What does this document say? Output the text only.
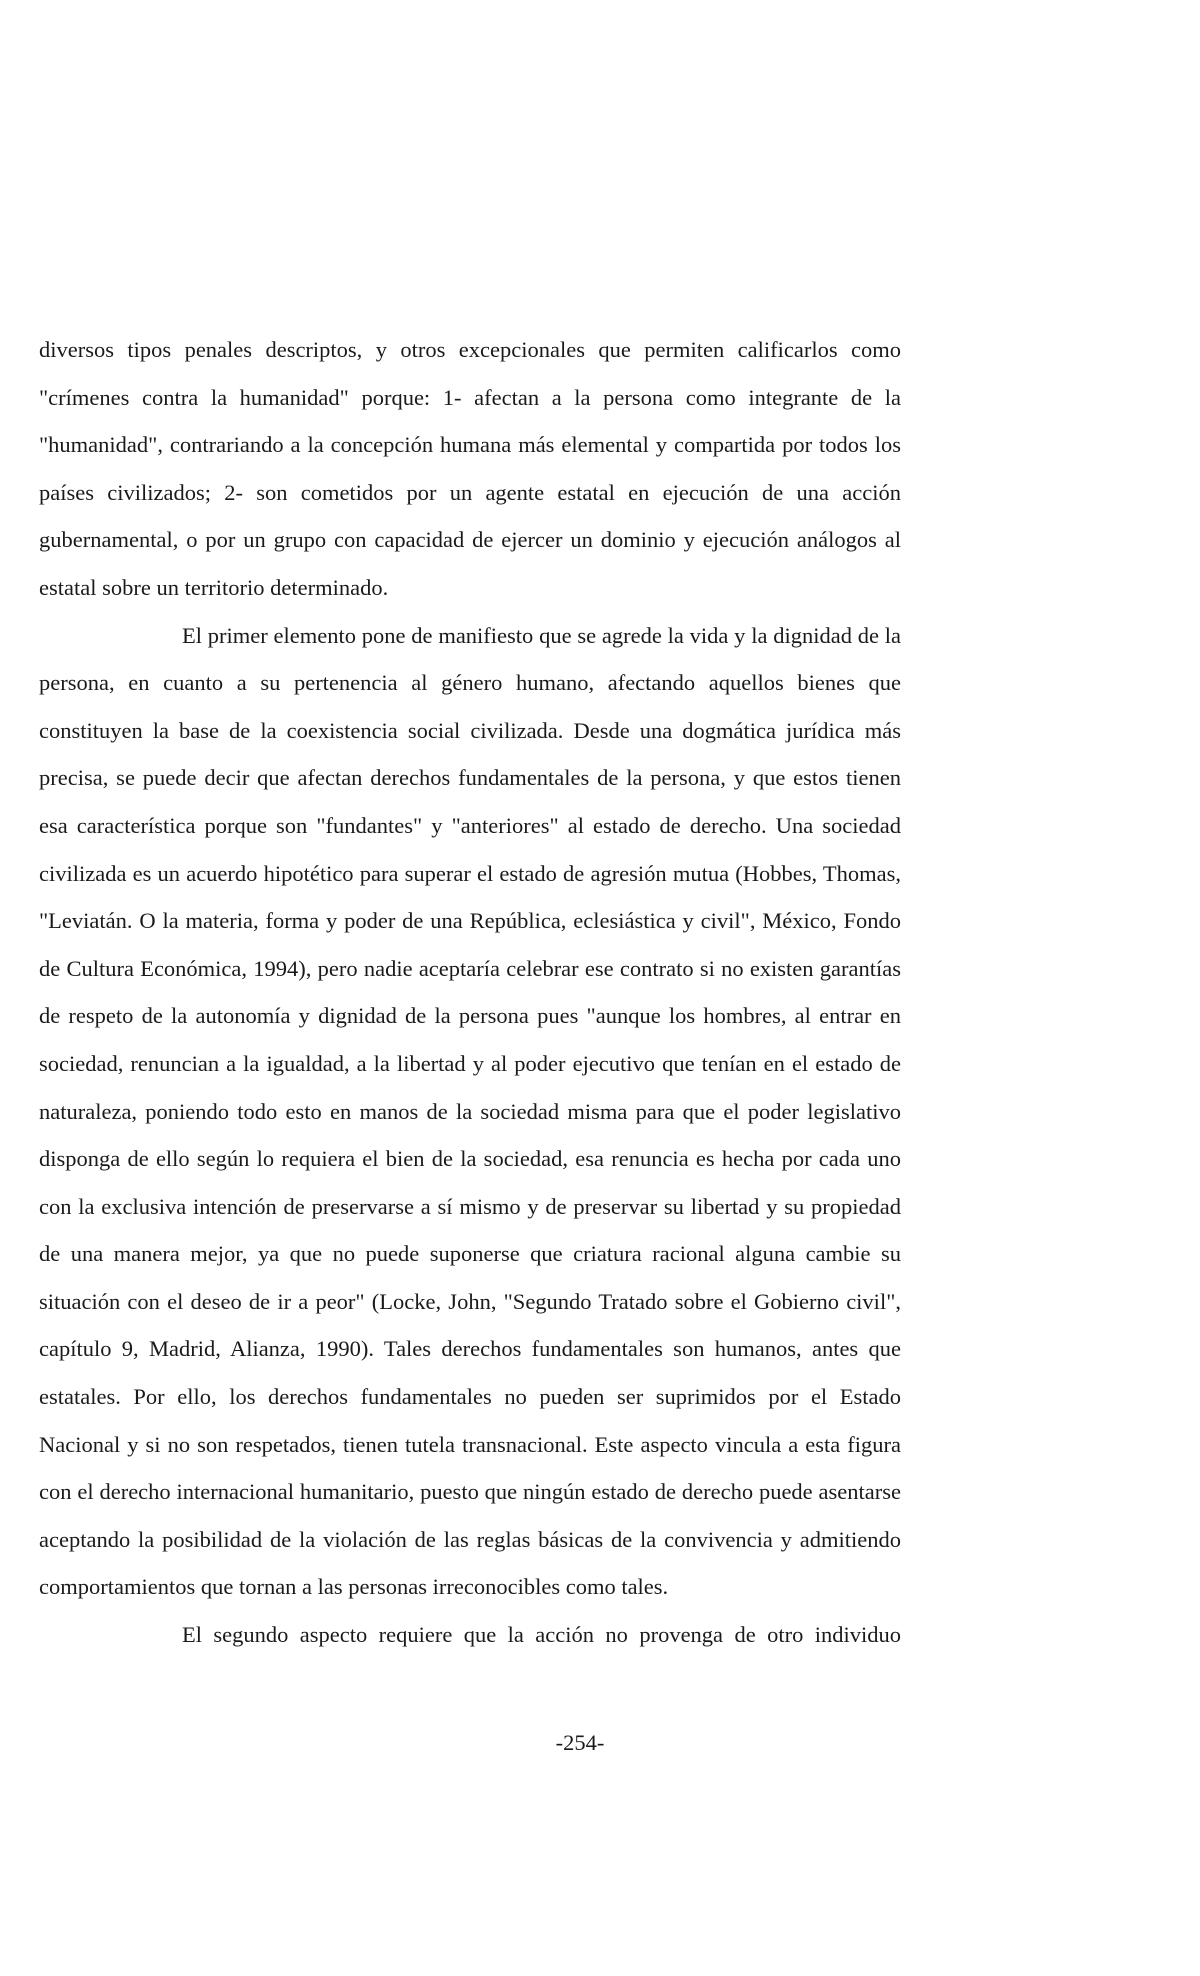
diversos tipos penales descriptos, y otros excepcionales que permiten calificarlos como "crímenes contra la humanidad" porque: 1- afectan a la persona como integrante de la "humanidad", contrariando a la concepción humana más elemental y compartida por todos los países civilizados; 2- son cometidos por un agente estatal en ejecución de una acción gubernamental, o por un grupo con capacidad de ejercer un dominio y ejecución análogos al estatal sobre un territorio determinado.

El primer elemento pone de manifiesto que se agrede la vida y la dignidad de la persona, en cuanto a su pertenencia al género humano, afectando aquellos bienes que constituyen la base de la coexistencia social civilizada. Desde una dogmática jurídica más precisa, se puede decir que afectan derechos fundamentales de la persona, y que estos tienen esa característica porque son "fundantes" y "anteriores" al estado de derecho. Una sociedad civilizada es un acuerdo hipotético para superar el estado de agresión mutua (Hobbes, Thomas, "Leviatán. O la materia, forma y poder de una República, eclesiástica y civil", México, Fondo de Cultura Económica, 1994), pero nadie aceptaría celebrar ese contrato si no existen garantías de respeto de la autonomía y dignidad de la persona pues "aunque los hombres, al entrar en sociedad, renuncian a la igualdad, a la libertad y al poder ejecutivo que tenían en el estado de naturaleza, poniendo todo esto en manos de la sociedad misma para que el poder legislativo disponga de ello según lo requiera el bien de la sociedad, esa renuncia es hecha por cada uno con la exclusiva intención de preservarse a sí mismo y de preservar su libertad y su propiedad de una manera mejor, ya que no puede suponerse que criatura racional alguna cambie su situación con el deseo de ir a peor" (Locke, John, "Segundo Tratado sobre el Gobierno civil", capítulo 9, Madrid, Alianza, 1990). Tales derechos fundamentales son humanos, antes que estatales. Por ello, los derechos fundamentales no pueden ser suprimidos por el Estado Nacional y si no son respetados, tienen tutela transnacional. Este aspecto vincula a esta figura con el derecho internacional humanitario, puesto que ningún estado de derecho puede asentarse aceptando la posibilidad de la violación de las reglas básicas de la convivencia y admitiendo comportamientos que tornan a las personas irreconocibles como tales.

El segundo aspecto requiere que la acción no provenga de otro individuo

-254-
